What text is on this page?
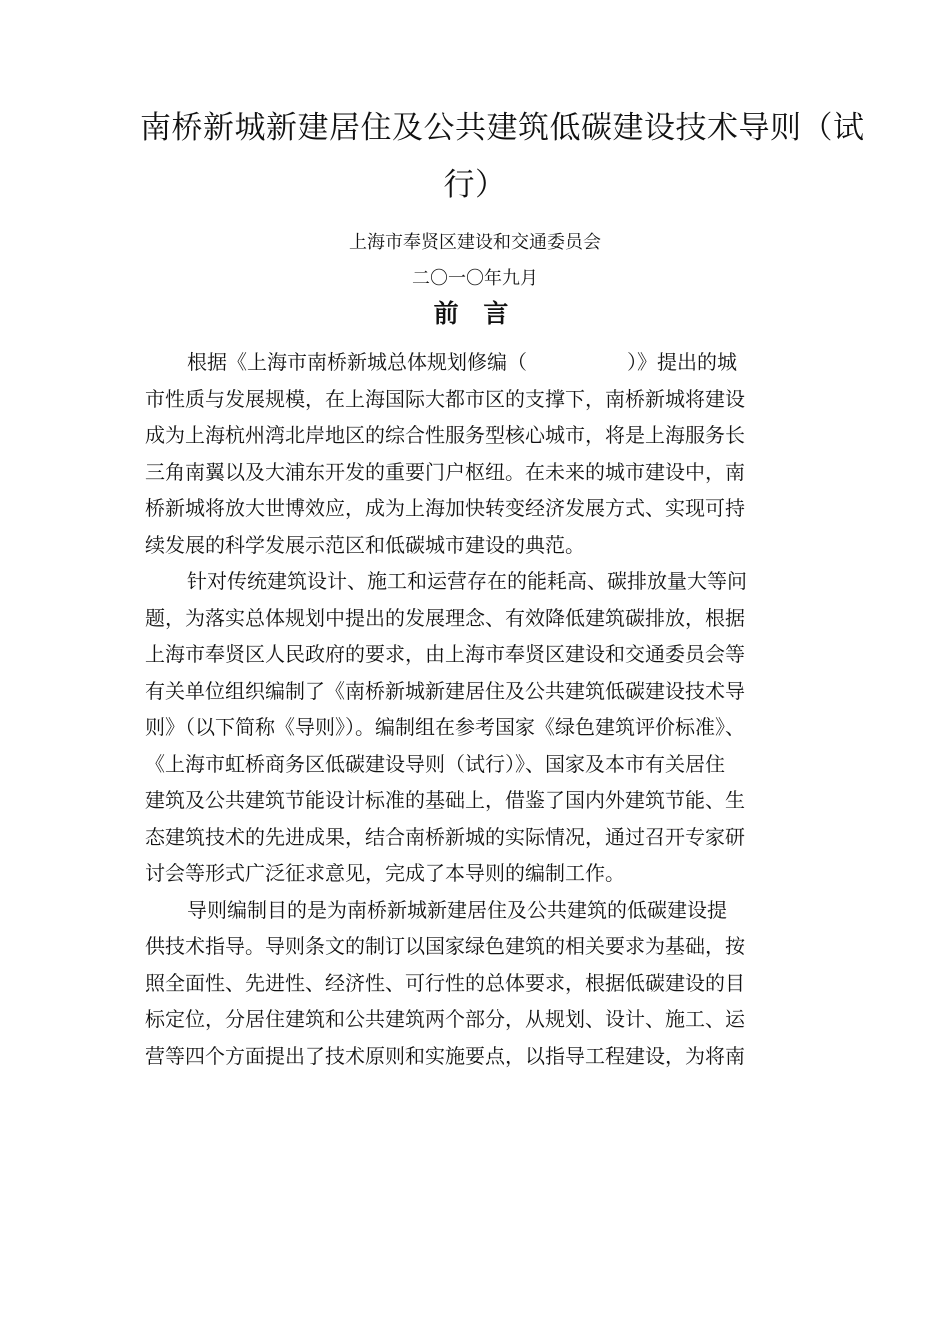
南桥新城新建居住及公共建筑低碳建设技术导则（试
行）
上海市奉贤区建设和交通委员会
二〇一〇年九月
前 言

根据《上海市南桥新城总体规划修编（　　　　　）》提出的城
市性质与发展规模，在上海国际大都市区的支撑下，南桥新城将建设
成为上海杭州湾北岸地区的综合性服务型核心城市，将是上海服务长
三角南翼以及大浦东开发的重要门户枢纽。在未来的城市建设中，南
桥新城将放大世博效应，成为上海加快转变经济发展方式、实现可持
续发展的科学发展示范区和低碳城市建设的典范。

针对传统建筑设计、施工和运营存在的能耗高、碳排放量大等问
题，为落实总体规划中提出的发展理念、有效降低建筑碳排放，根据
上海市奉贤区人民政府的要求，由上海市奉贤区建设和交通委员会等
有关单位组织编制了《南桥新城新建居住及公共建筑低碳建设技术导
则》（以下简称《导则》）。编制组在参考国家《绿色建筑评价标准》、
《上海市虹桥商务区低碳建设导则（试行）》、国家及本市有关居住
建筑及公共建筑节能设计标准的基础上，借鉴了国内外建筑节能、生
态建筑技术的先进成果，结合南桥新城的实际情况，通过召开专家研
讨会等形式广泛征求意见，完成了本导则的编制工作。

导则编制目的是为南桥新城新建居住及公共建筑的低碳建设提
供技术指导。导则条文的制订以国家绿色建筑的相关要求为基础，按
照全面性、先进性、经济性、可行性的总体要求，根据低碳建设的目
标定位，分居住建筑和公共建筑两个部分，从规划、设计、施工、运
营等四个方面提出了技术原则和实施要点，以指导工程建设，为将南
